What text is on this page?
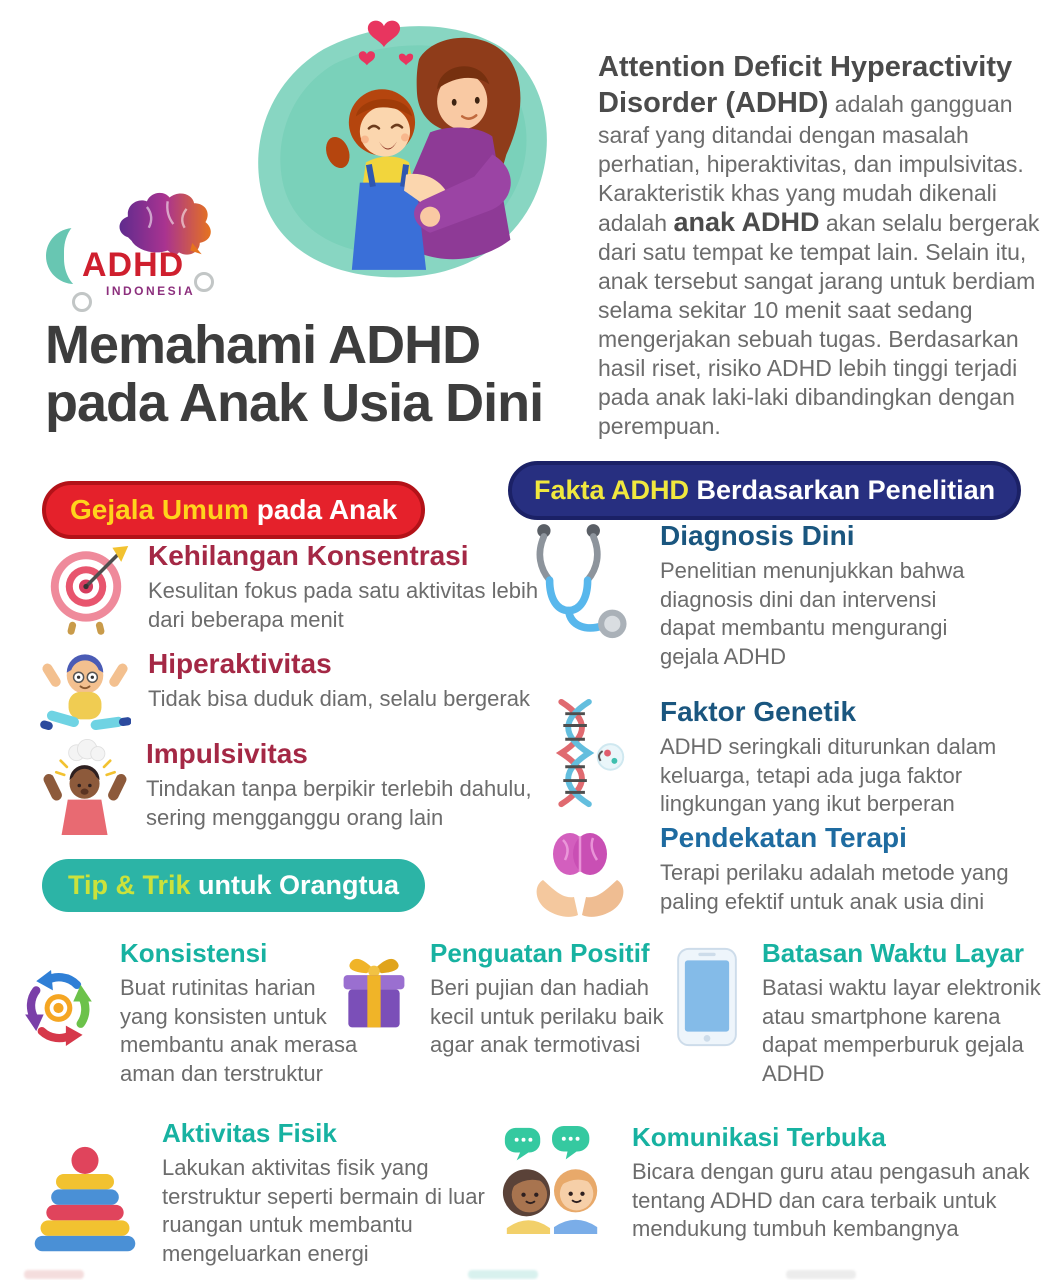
ADHD
INDONESIA
Memahami ADHD
pada Anak Usia Dini

Attention Deficit Hyperactivity Disorder (ADHD) adalah gangguan saraf yang ditandai dengan masalah perhatian, hiperaktivitas, dan impulsivitas. Karakteristik khas yang mudah dikenali adalah anak ADHD akan selalu bergerak dari satu tempat ke tempat lain. Selain itu, anak tersebut sangat jarang untuk berdiam selama sekitar 10 menit saat sedang mengerjakan sebuah tugas. Berdasarkan hasil riset, risiko ADHD lebih tinggi terjadi pada anak laki-laki dibandingkan dengan perempuan.

Gejala Umum pada Anak
Fakta ADHD Berdasarkan Penelitian
Tip & Trik untuk Orangtua
Kehilangan Konsentrasi
Kesulitan fokus pada satu aktivitas lebih dari beberapa menit
Hiperaktivitas
Tidak bisa duduk diam, selalu bergerak
Impulsivitas
Tindakan tanpa berpikir terlebih dahulu, sering mengganggu orang lain
Diagnosis Dini
Penelitian menunjukkan bahwa diagnosis dini dan intervensi dapat membantu mengurangi gejala ADHD
Faktor Genetik
ADHD seringkali diturunkan dalam keluarga, tetapi ada juga faktor lingkungan yang ikut berperan
Pendekatan Terapi
Terapi perilaku adalah metode yang paling efektif untuk anak usia dini
Konsistensi
Buat rutinitas harian yang konsisten untuk membantu anak merasa aman dan terstruktur
Penguatan Positif
Beri pujian dan hadiah kecil untuk perilaku baik agar anak termotivasi
Batasan Waktu Layar
Batasi waktu layar elektronik atau smartphone karena dapat memperburuk gejala ADHD
Aktivitas Fisik
Lakukan aktivitas fisik yang terstruktur seperti bermain di luar ruangan untuk membantu mengeluarkan energi
Komunikasi Terbuka
Bicara dengan guru atau pengasuh anak tentang ADHD dan cara terbaik untuk mendukung tumbuh kembangnya
